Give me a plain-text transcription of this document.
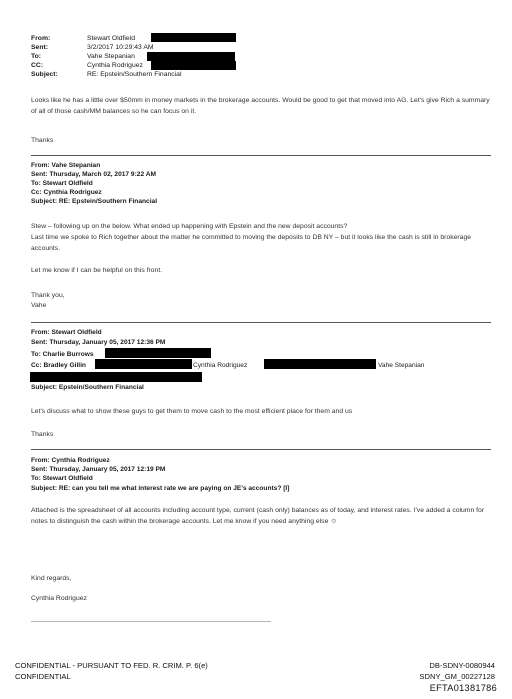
From:	Stewart Oldfield
Sent:	3/2/2017 10:29:43 AM
To:	Vahe Stepanian
CC:	Cynthia Rodriguez
Subject:	RE: Epstein/Southern Financial
Looks like he has a little over $50mm in money markets in the brokerage accounts. Would be good to get that moved into AG. Let's give Rich a summary of all of those cash/MM balances so he can focus on it.
Thanks
From: Vahe Stepanian
Sent: Thursday, March 02, 2017 9:22 AM
To: Stewart Oldfield
Cc: Cynthia Rodriguez
Subject: RE: Epstein/Southern Financial
Stew – following up on the below. What ended up happening with Epstein and the new deposit accounts?
Last time we spoke to Rich together about the matter he committed to moving the deposits to DB NY – but it looks like the cash is still in brokerage accounts.
Let me know if I can be helpful on this front.
Thank you,
Vahe
From: Stewart Oldfield
Sent: Thursday, January 05, 2017 12:36 PM
To: Charlie Burrows
Cc: Bradley Gillin	Cynthia Rodriguez	Vahe Stepanian
Subject: Epstein/Southern Financial
Let's discuss what to show these guys to get them to move cash to the most efficient place for them and us
Thanks
From: Cynthia Rodriguez
Sent: Thursday, January 05, 2017 12:19 PM
To: Stewart Oldfield
Subject: RE: can you tell me what interest rate we are paying on JE's accounts? [I]
Attached is the spreadsheet of all accounts including account type, current (cash only) balances as of today, and interest rates. I've added a column for notes to distinguish the cash within the brokerage accounts. Let me know if you need anything else ☺
Kind regards,
Cynthia Rodriguez
CONFIDENTIAL - PURSUANT TO FED. R. CRIM. P. 6(e)
CONFIDENTIAL
DB-SDNY-0080944
SDNY_GM_00227128
EFTA01381786
